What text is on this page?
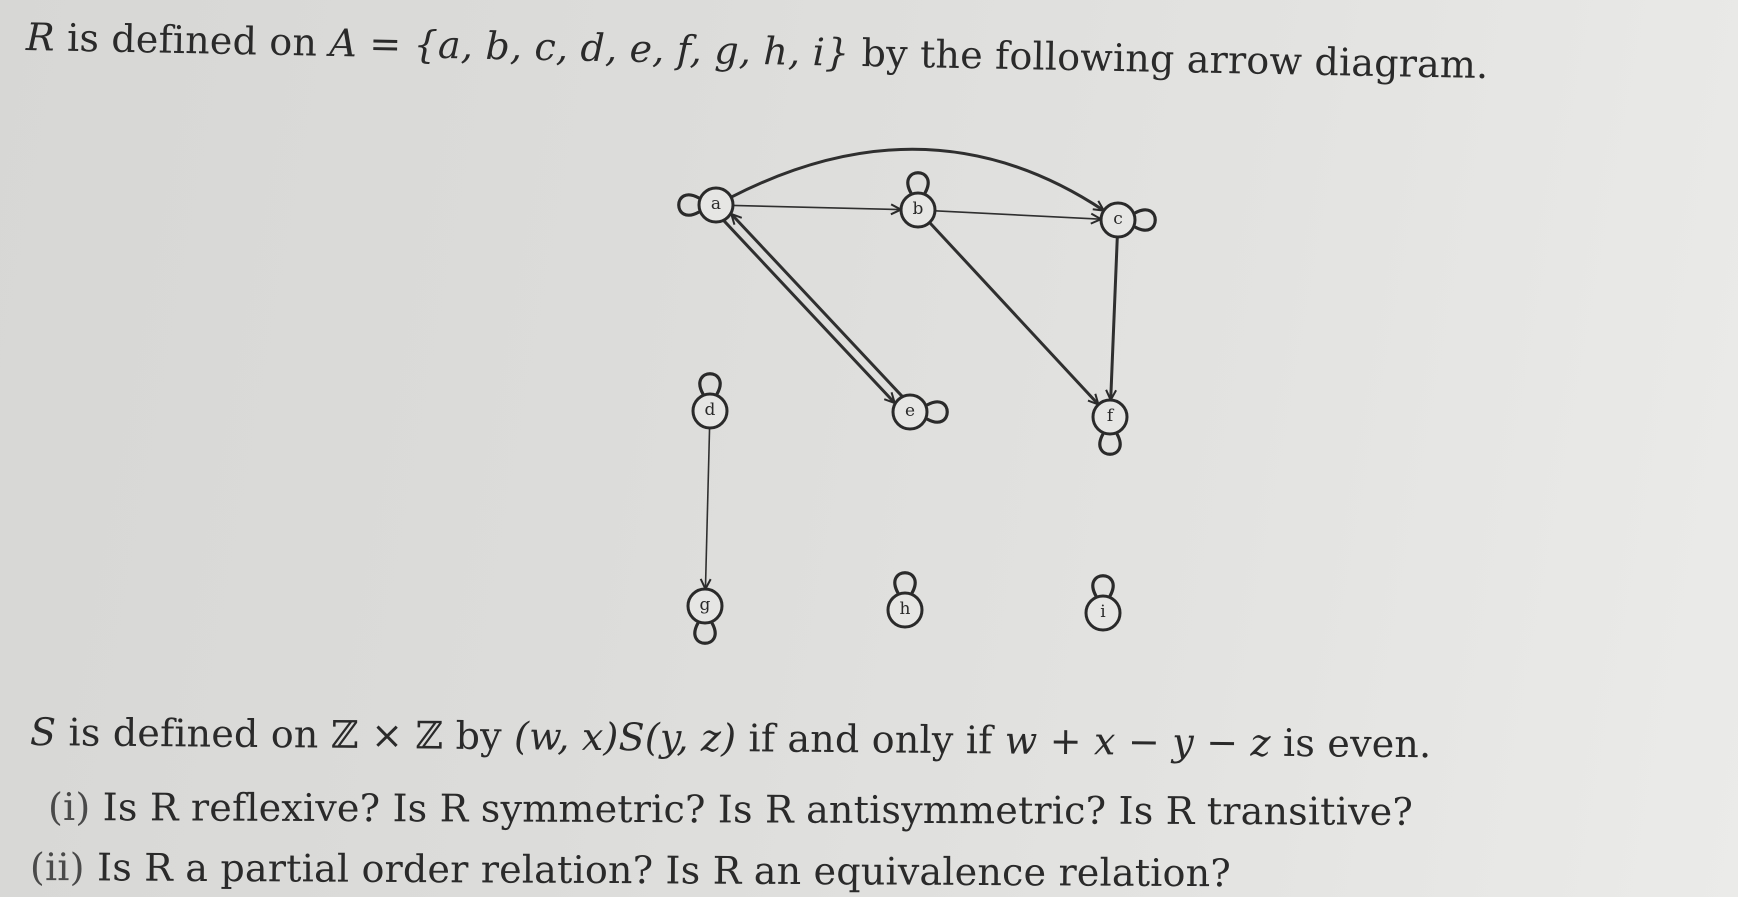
R is defined on A = {a, b, c, d, e, f, g, h, i} by the following arrow diagram.

a	b	c
d	e	f
g	h	i

S is defined on ℤ × ℤ by (w, x)S(y, z) if and only if w + x − y − z is even.

(i) Is R reflexive? Is R symmetric? Is R antisymmetric? Is R transitive?

(ii) Is R a partial order relation? Is R an equivalence relation?
